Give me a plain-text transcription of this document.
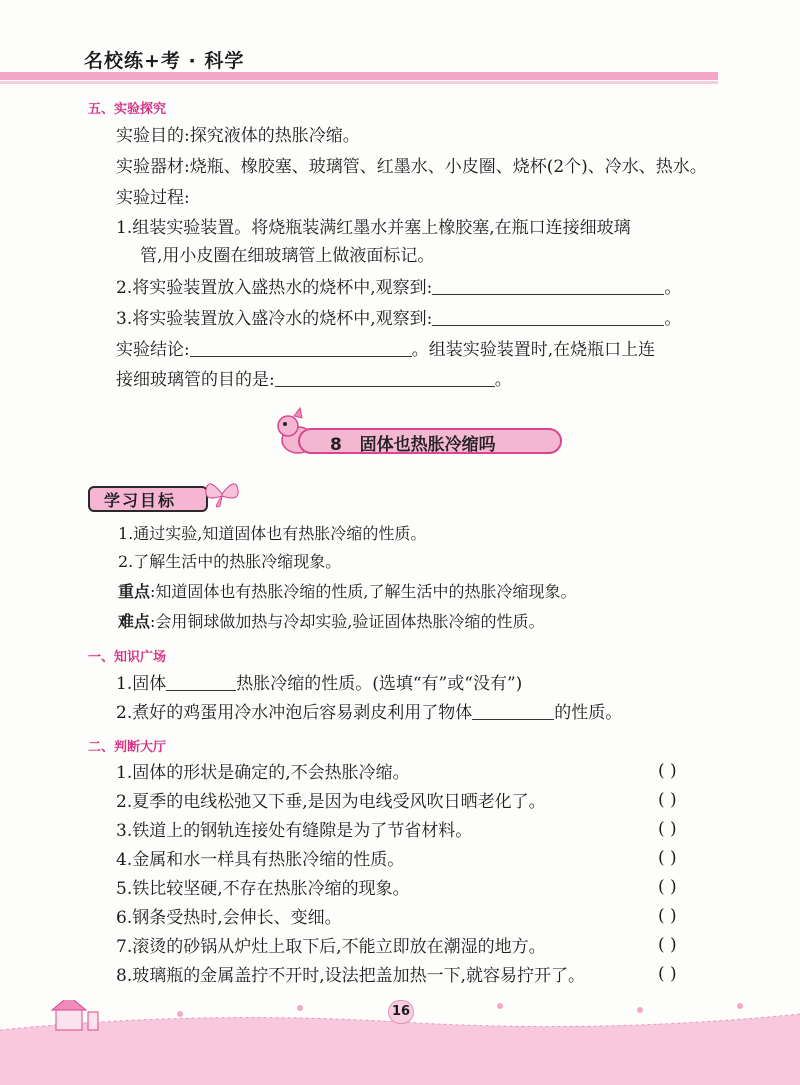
名校练+考 · 科学
五、实验探究
实验目的:探究液体的热胀冷缩。
实验器材:烧瓶、橡胶塞、玻璃管、红墨水、小皮圈、烧杯(2个)、冷水、热水。
实验过程:
1.组装实验装置。将烧瓶装满红墨水并塞上橡胶塞,在瓶口连接细玻璃
管,用小皮圈在细玻璃管上做液面标记。
2.将实验装置放入盛热水的烧杯中,观察到:	。
3.将实验装置放入盛冷水的烧杯中,观察到:	。
实验结论:	。组装实验装置时,在烧瓶口上连
接细玻璃管的目的是:	。
8 固体也热胀冷缩吗
学习目标
1.通过实验,知道固体也有热胀冷缩的性质。
2.了解生活中的热胀冷缩现象。
重点:知道固体也有热胀冷缩的性质,了解生活中的热胀冷缩现象。
难点:会用铜球做加热与冷却实验,验证固体热胀冷缩的性质。
一、知识广场
1.固体	热胀冷缩的性质。(选填“有”或“没有”)
2.煮好的鸡蛋用冷水冲泡后容易剥皮利用了物体	的性质。
二、判断大厅
1.固体的形状是确定的,不会热胀冷缩。	( )
2.夏季的电线松弛又下垂,是因为电线受风吹日晒老化了。	( )
3.铁道上的钢轨连接处有缝隙是为了节省材料。	( )
4.金属和水一样具有热胀冷缩的性质。	( )
5.铁比较坚硬,不存在热胀冷缩的现象。	( )
6.钢条受热时,会伸长、变细。	( )
7.滚烫的砂锅从炉灶上取下后,不能立即放在潮湿的地方。	( )
8.玻璃瓶的金属盖拧不开时,设法把盖加热一下,就容易拧开了。	( )
16
